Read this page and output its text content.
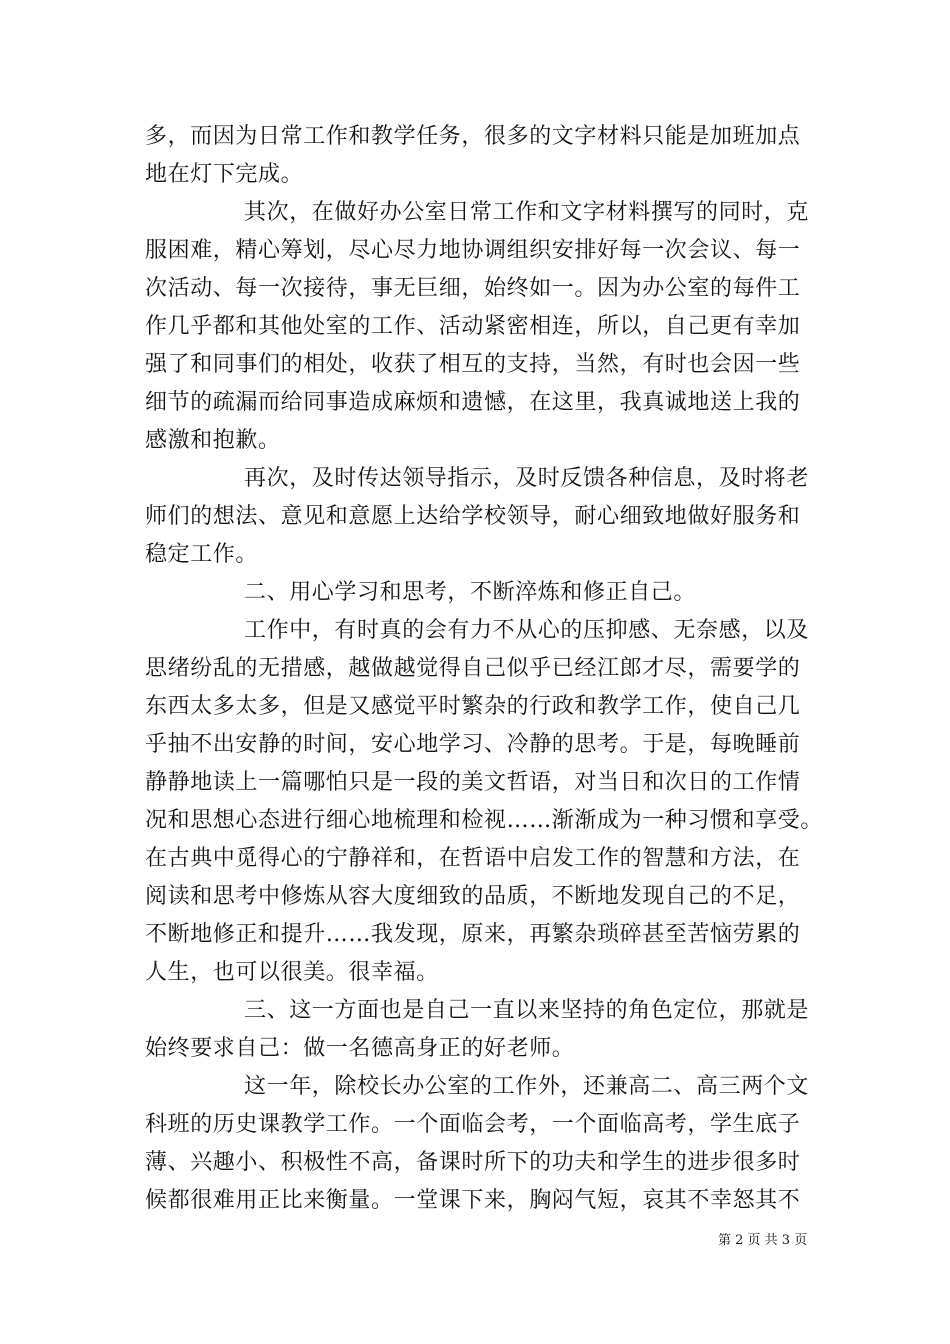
多，而因为日常工作和教学任务，很多的文字材料只能是加班加点
地在灯下完成。
其次，在做好办公室日常工作和文字材料撰写的同时，克
服困难，精心筹划，尽心尽力地协调组织安排好每一次会议、每一
次活动、每一次接待，事无巨细，始终如一。因为办公室的每件工
作几乎都和其他处室的工作、活动紧密相连，所以，自己更有幸加
强了和同事们的相处，收获了相互的支持，当然，有时也会因一些
细节的疏漏而给同事造成麻烦和遗憾，在这里，我真诚地送上我的
感激和抱歉。
再次，及时传达领导指示，及时反馈各种信息，及时将老
师们的想法、意见和意愿上达给学校领导，耐心细致地做好服务和
稳定工作。
二、用心学习和思考，不断淬炼和修正自己。
工作中，有时真的会有力不从心的压抑感、无奈感，以及
思绪纷乱的无措感，越做越觉得自己似乎已经江郎才尽，需要学的
东西太多太多，但是又感觉平时繁杂的行政和教学工作，使自己几
乎抽不出安静的时间，安心地学习、冷静的思考。于是，每晚睡前
静静地读上一篇哪怕只是一段的美文哲语，对当日和次日的工作情
况和思想心态进行细心地梳理和检视……渐渐成为一种习惯和享受。
在古典中觅得心的宁静祥和，在哲语中启发工作的智慧和方法，在
阅读和思考中修炼从容大度细致的品质，不断地发现自己的不足，
不断地修正和提升……我发现，原来，再繁杂琐碎甚至苦恼劳累的
人生，也可以很美。很幸福。
三、这一方面也是自己一直以来坚持的角色定位，那就是
始终要求自己：做一名德高身正的好老师。
这一年，除校长办公室的工作外，还兼高二、高三两个文
科班的历史课教学工作。一个面临会考，一个面临高考，学生底子
薄、兴趣小、积极性不高，备课时所下的功夫和学生的进步很多时
候都很难用正比来衡量。一堂课下来，胸闷气短，哀其不幸怒其不
第 2 页 共 3 页
